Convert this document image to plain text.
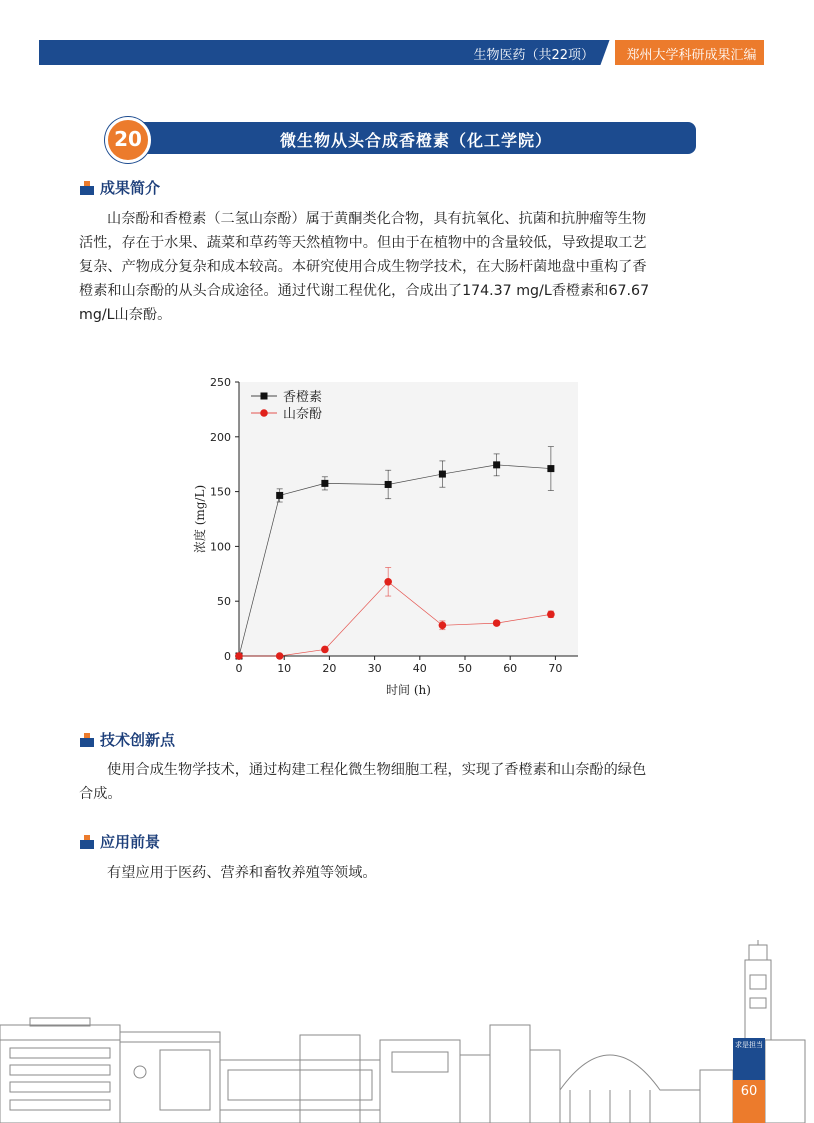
生物医药（共22项）	郑州大学科研成果汇编
微生物从头合成香橙素（化工学院）
20
成果简介
山奈酚和香橙素（二氢山奈酚）属于黄酮类化合物，具有抗氧化、抗菌和抗肿瘤等生物
活性，存在于水果、蔬菜和草药等天然植物中。但由于在植物中的含量较低，导致提取工艺
复杂、产物成分复杂和成本较高。本研究使用合成生物学技术，在大肠杆菌地盘中重构了香
橙素和山奈酚的从头合成途径。通过代谢工程优化，合成出了174.37 mg/L香橙素和67.67
mg/L山奈酚。
0	10	20	30	40	50	60	70
0
50
100
150
200
250
时间 (h)
浓度 (mg/L)
香橙素
山奈酚
技术创新点
使用合成生物学技术，通过构建工程化微生物细胞工程，实现了香橙素和山奈酚的绿色
合成。
应用前景
有望应用于医药、营养和畜牧养殖等领域。
求是担当
60
